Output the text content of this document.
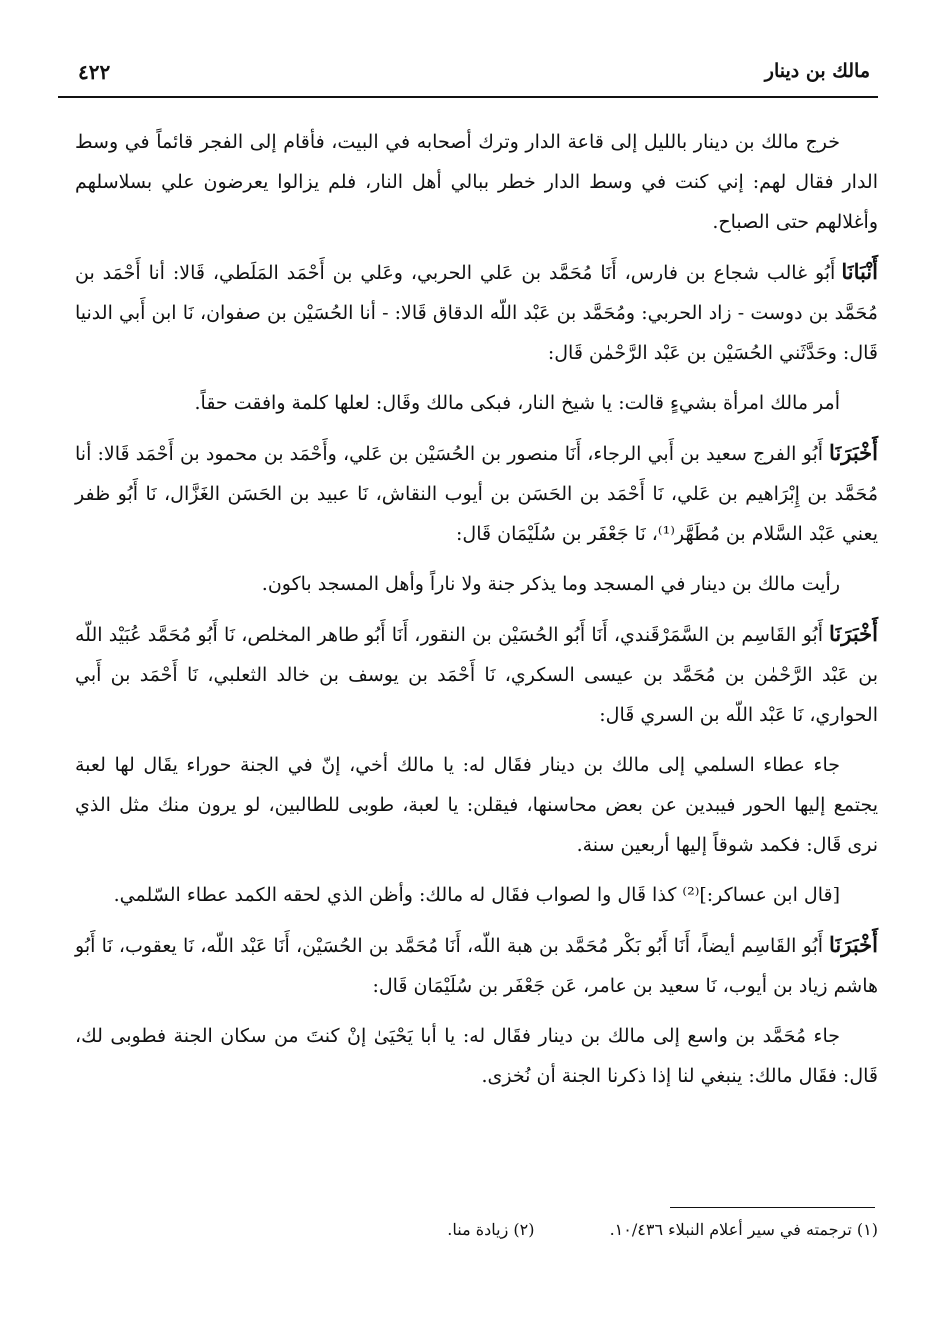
مالك بن دينار
٤٢٢

خرج مالك بن دينار بالليل إلى قاعة الدار وترك أصحابه في البيت، فأقام إلى الفجر قائماً في وسط الدار فقال لهم: إني كنت في وسط الدار خطر ببالي أهل النار، فلم يزالوا يعرضون علي بسلاسلهم وأغلالهم حتى الصباح.

أَنْبَانَاأَبُو غالب شجاع بن فارس، أَنَا مُحَمَّد بن عَلي الحربي، وعَلي بن أَحْمَد المَلَطي، قَالا: أنا أَحْمَد بن مُحَمَّد بن دوست - زاد الحربي: ومُحَمَّد بن عَبْد اللّه الدقاق قَالا: - أنا الحُسَيْن بن صفوان، نَا ابن أَبي الدنيا قَال: وحَدَّثَني الحُسَيْن بن عَبْد الرَّحْمٰن قَال:

أمر مالك امرأة بشيءٍ قالت: يا شيخ النار، فبكى مالك وقَال: لعلها كلمة وافقت حقاً.

أَخْبَرَنَاأَبُو الفرج سعيد بن أَبي الرجاء، أَنَا منصور بن الحُسَيْن بن عَلي، وأَحْمَد بن محمود بن أَحْمَد قَالا: أنا مُحَمَّد بن إِبْرَاهيم بن عَلي، نَا أَحْمَد بن الحَسَن بن أيوب النقاش، نَا عبيد بن الحَسَن الغَزَّال، نَا أَبُو ظفر يعني عَبْد السَّلام بن مُطَهَّر⁽¹⁾، نَا جَعْفَر بن سُلَيْمَان قَال:

رأيت مالك بن دينار في المسجد وما يذكر جنة ولا ناراً وأهل المسجد باكون.

أَخْبَرَنَاأَبُو القَاسِم بن السَّمَرْقَندي، أَنَا أَبُو الحُسَيْن بن النقور، أَنَا أَبُو طاهر المخلص، نَا أَبُو مُحَمَّد عُبَيْد اللّه بن عَبْد الرَّحْمٰن بن مُحَمَّد بن عيسى السكري، نَا أَحْمَد بن يوسف بن خالد الثعلبي، نَا أَحْمَد بن أَبي الحواري، نَا عَبْد اللّه بن السري قَال:

جاء عطاء السلمي إلى مالك بن دينار فقَال له: يا مالك أخي، إنّ في الجنة حوراء يقَال لها لعبة يجتمع إليها الحور فيبدين عن بعض محاسنها، فيقلن: يا لعبة، طوبى للطالبين، لو يرون منك مثل الذي نرى قَال: فكمد شوقاً إليها أربعين سنة.

[قال ابن عساكر:]⁽²⁾ كذا قَال وا لصواب فقَال له مالك: وأظن الذي لحقه الكمد عطاء السّلمي.

أَخْبَرَنَاأَبُو القَاسِم أيضاً، أَنَا أَبُو بَكْر مُحَمَّد بن هبة اللّه، أَنَا مُحَمَّد بن الحُسَيْن، أَنَا عَبْد اللّه، نَا يعقوب، نَا أَبُو هاشم زياد بن أيوب، نَا سعيد بن عامر، عَن جَعْفَر بن سُلَيْمَان قَال:

جاء مُحَمَّد بن واسع إلى مالك بن دينار فقَال له: يا أبا يَحْيَىٰ إنْ كنتَ من سكان الجنة فطوبى لك، قَال: فقَال مالك: ينبغي لنا إذا ذكرنا الجنة أن نُخزى.

(١) ترجمته في سير أعلام النبلاء ١٠/٤٣٦. (٢) زيادة منا.
